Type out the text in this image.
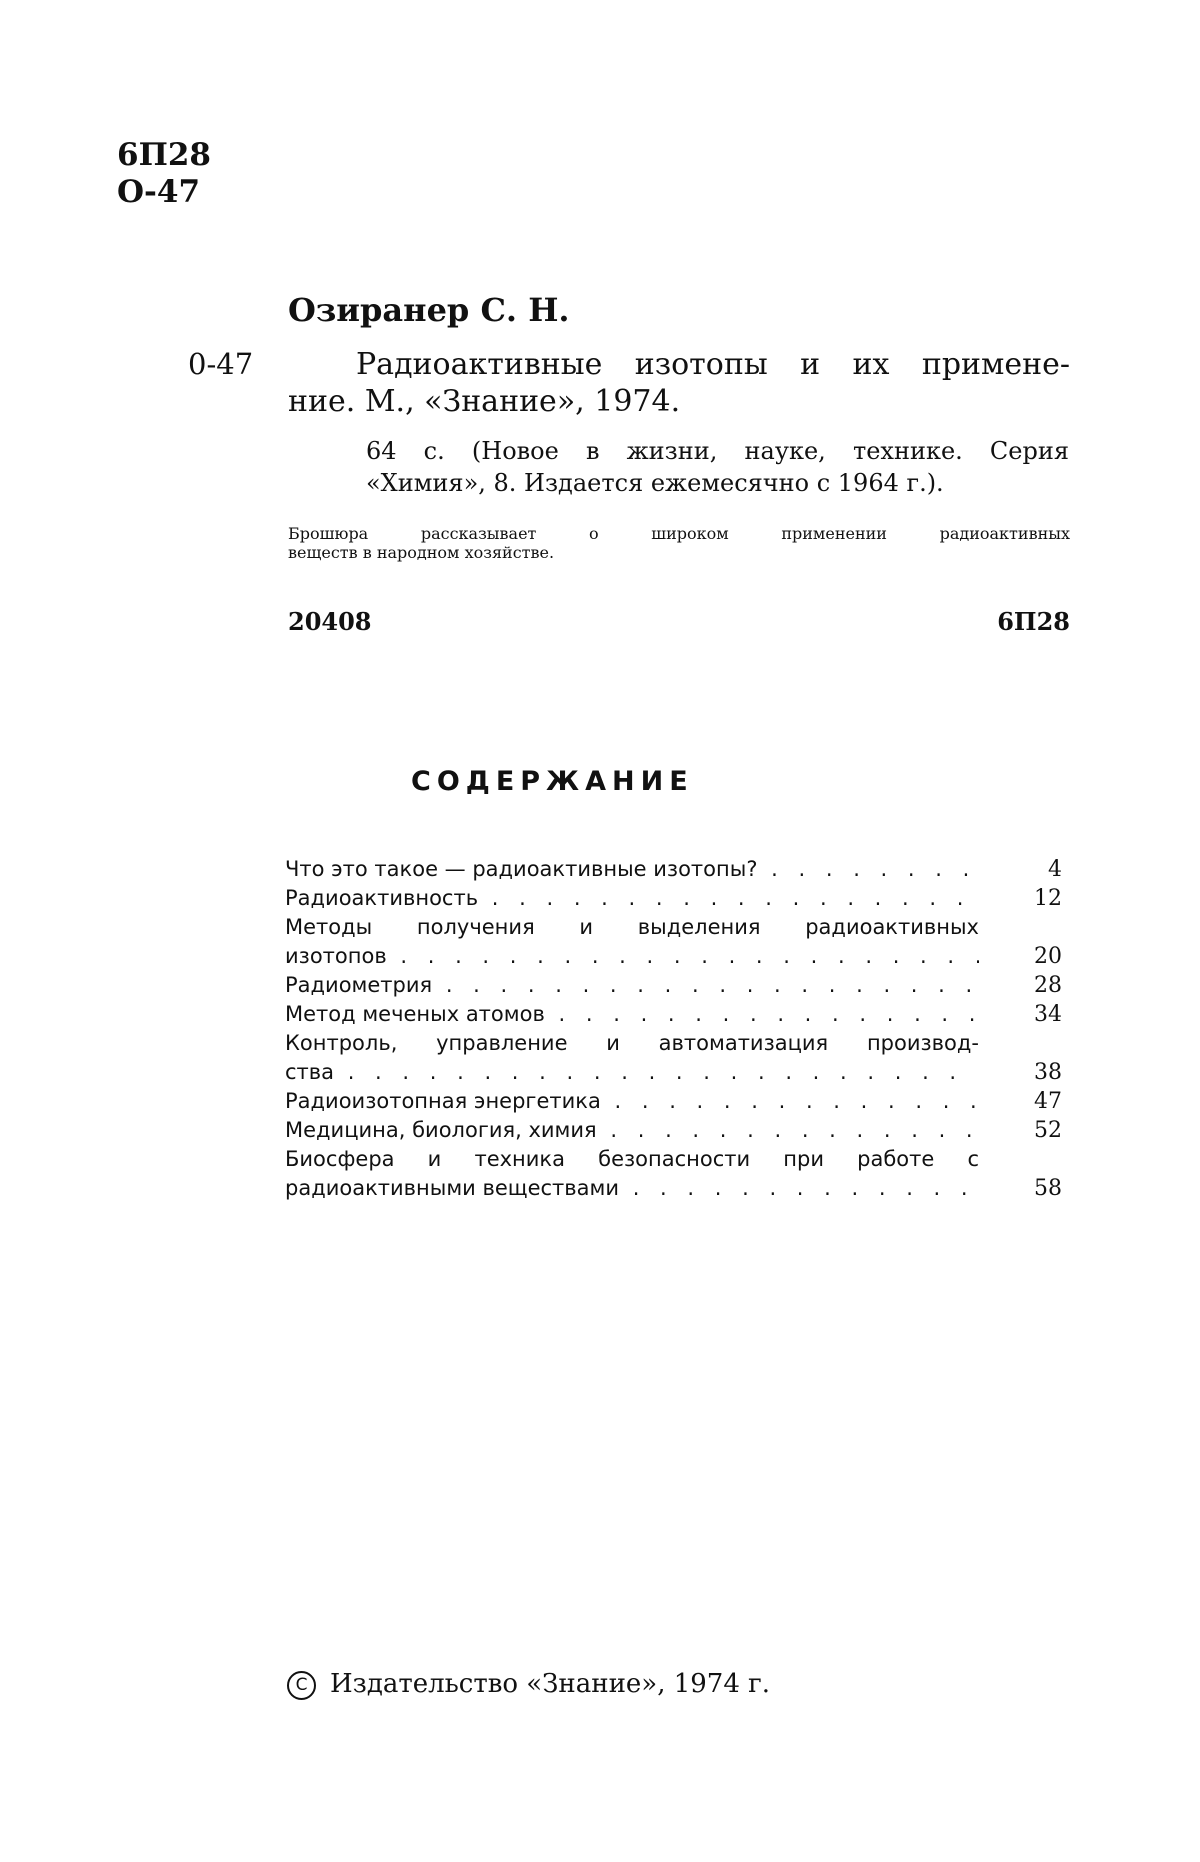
6П28
О-47
Озиранер С. Н.
0-47	Радиоактивные изотопы и их примене-
ние. М., «Знание», 1974.
64 с. (Новое в жизни, науке, технике. Серия
«Химия», 8. Издается ежемесячно с 1964 г.).
Брошюра рассказывает о широком применении радиоактивных
веществ в народном хозяйстве.
20408	6П28
СОДЕРЖАНИЕ
Что это такое — радиоактивные изотопы? . . .	4
Радиоактивность . . .	12
Методы получения и выделения радиоактивных
изотопов . . .	20
Радиометрия . . .	28
Метод меченых атомов . . .	34
Контроль, управление и автоматизация производ-
ства . . .	38
Радиоизотопная энергетика . . .	47
Медицина, биология, химия . . .	52
Биосфера и техника безопасности при работе с
радиоактивными веществами . . .	58
C Издательство «Знание», 1974 г.
